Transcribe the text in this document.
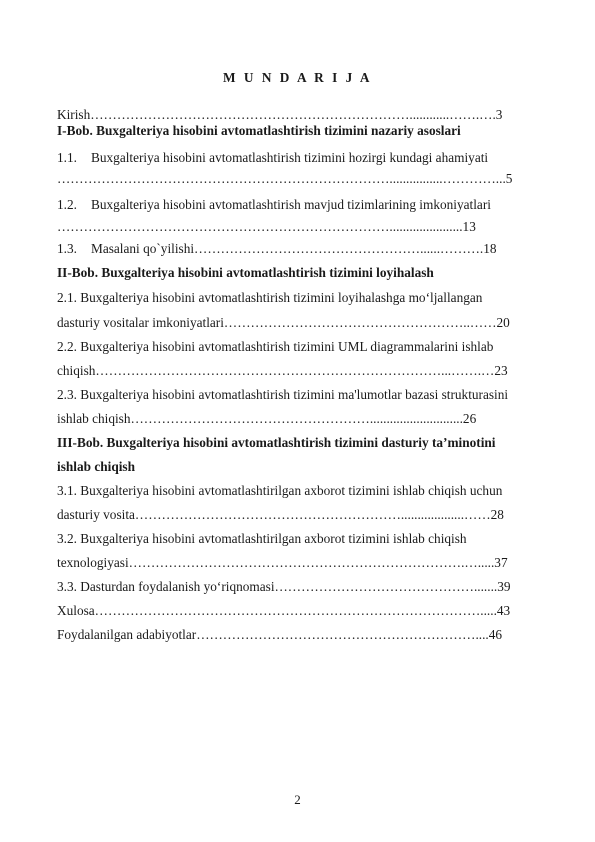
M U N D A R I J A
Kirish………………………………………………………………............…….….3
I-Bob. Buxgalteriya hisobini avtomatlashtirish tizimini nazariy asoslari
1.1. Buxgalteriya hisobini avtomatlashtirish tizimini hozirgi kundagi ahamiyati
…………………………………………………………………................…………...5
1.2. Buxgalteriya hisobini avtomatlashtirish mavjud tizimlarining imkoniyatlari
…………………………………………………………………......................13
1.3. Masalani qo`yilishi……………………………………………......……….18
II-Bob. Buxgalteriya hisobini avtomatlashtirish tizimini loyihalash
2.1. Buxgalteriya hisobini avtomatlashtirish tizimini loyihalashga mo‘ljallangan
dasturiy vositalar imkoniyatlari………………………………………………..……20
2.2. Buxgalteriya hisobini avtomatlashtirish tizimini UML diagrammalarini ishlab
chiqish……………………………………………………………………...…….…23
2.3. Buxgalteriya hisobini avtomatlashtirish tizimini ma'lumotlar bazasi strukturasini
ishlab chiqish………………………………………………............................26
III-Bob. Buxgalteriya hisobini avtomatlashtirish tizimini dasturiy ta’minotini
ishlab chiqish
3.1. Buxgalteriya hisobini avtomatlashtirilgan axborot tizimini ishlab chiqish uchun
dasturiy vosita……………………………………………………...................……28
3.2. Buxgalteriya hisobini avtomatlashtirilgan axborot tizimini ishlab chiqish
texnologiyasi………………………………………………………………….….....37
3.3. Dasturdan foydalanish yo‘riqnomasi……………………………………….......39
Xulosa…………………………………………………………………………….....43
Foydalanilgan adabiyotlar………………………………………………………....46
2
